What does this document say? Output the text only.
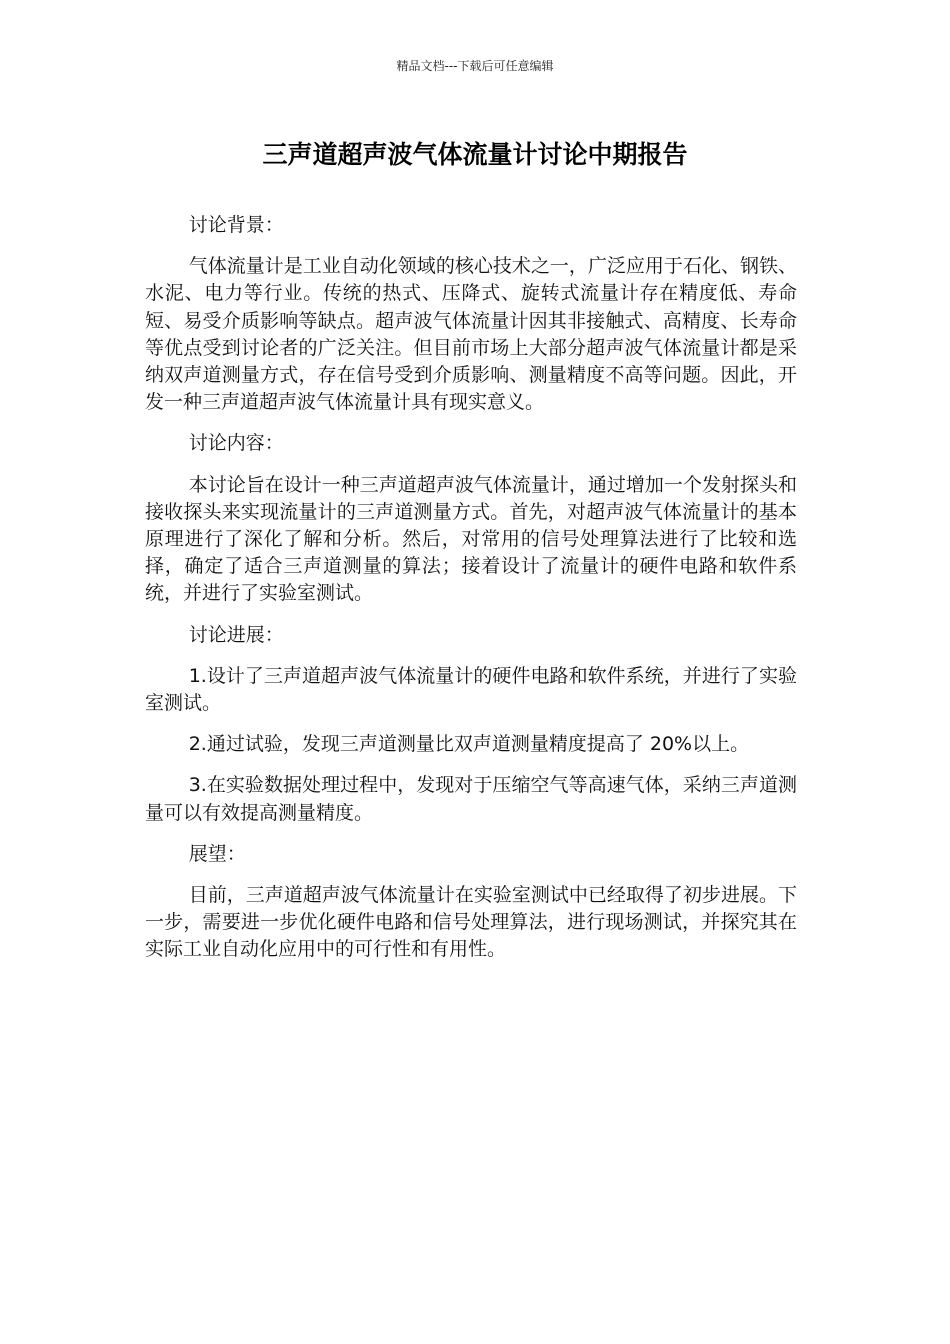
精品文档---下载后可任意编辑
三声道超声波气体流量计讨论中期报告

讨论背景：

气体流量计是工业自动化领域的核心技术之一，广泛应用于石化、钢铁、水泥、电力等行业。传统的热式、压降式、旋转式流量计存在精度低、寿命短、易受介质影响等缺点。超声波气体流量计因其非接触式、高精度、长寿命等优点受到讨论者的广泛关注。但目前市场上大部分超声波气体流量计都是采纳双声道测量方式，存在信号受到介质影响、测量精度不高等问题。因此，开发一种三声道超声波气体流量计具有现实意义。

讨论内容：

本讨论旨在设计一种三声道超声波气体流量计，通过增加一个发射探头和接收探头来实现流量计的三声道测量方式。首先，对超声波气体流量计的基本原理进行了深化了解和分析。然后，对常用的信号处理算法进行了比较和选择，确定了适合三声道测量的算法；接着设计了流量计的硬件电路和软件系统，并进行了实验室测试。

讨论进展：

1.设计了三声道超声波气体流量计的硬件电路和软件系统，并进行了实验室测试。

2.通过试验，发现三声道测量比双声道测量精度提高了 20%以上。

3.在实验数据处理过程中，发现对于压缩空气等高速气体，采纳三声道测量可以有效提高测量精度。

展望：

目前，三声道超声波气体流量计在实验室测试中已经取得了初步进展。下一步，需要进一步优化硬件电路和信号处理算法，进行现场测试，并探究其在实际工业自动化应用中的可行性和有用性。
